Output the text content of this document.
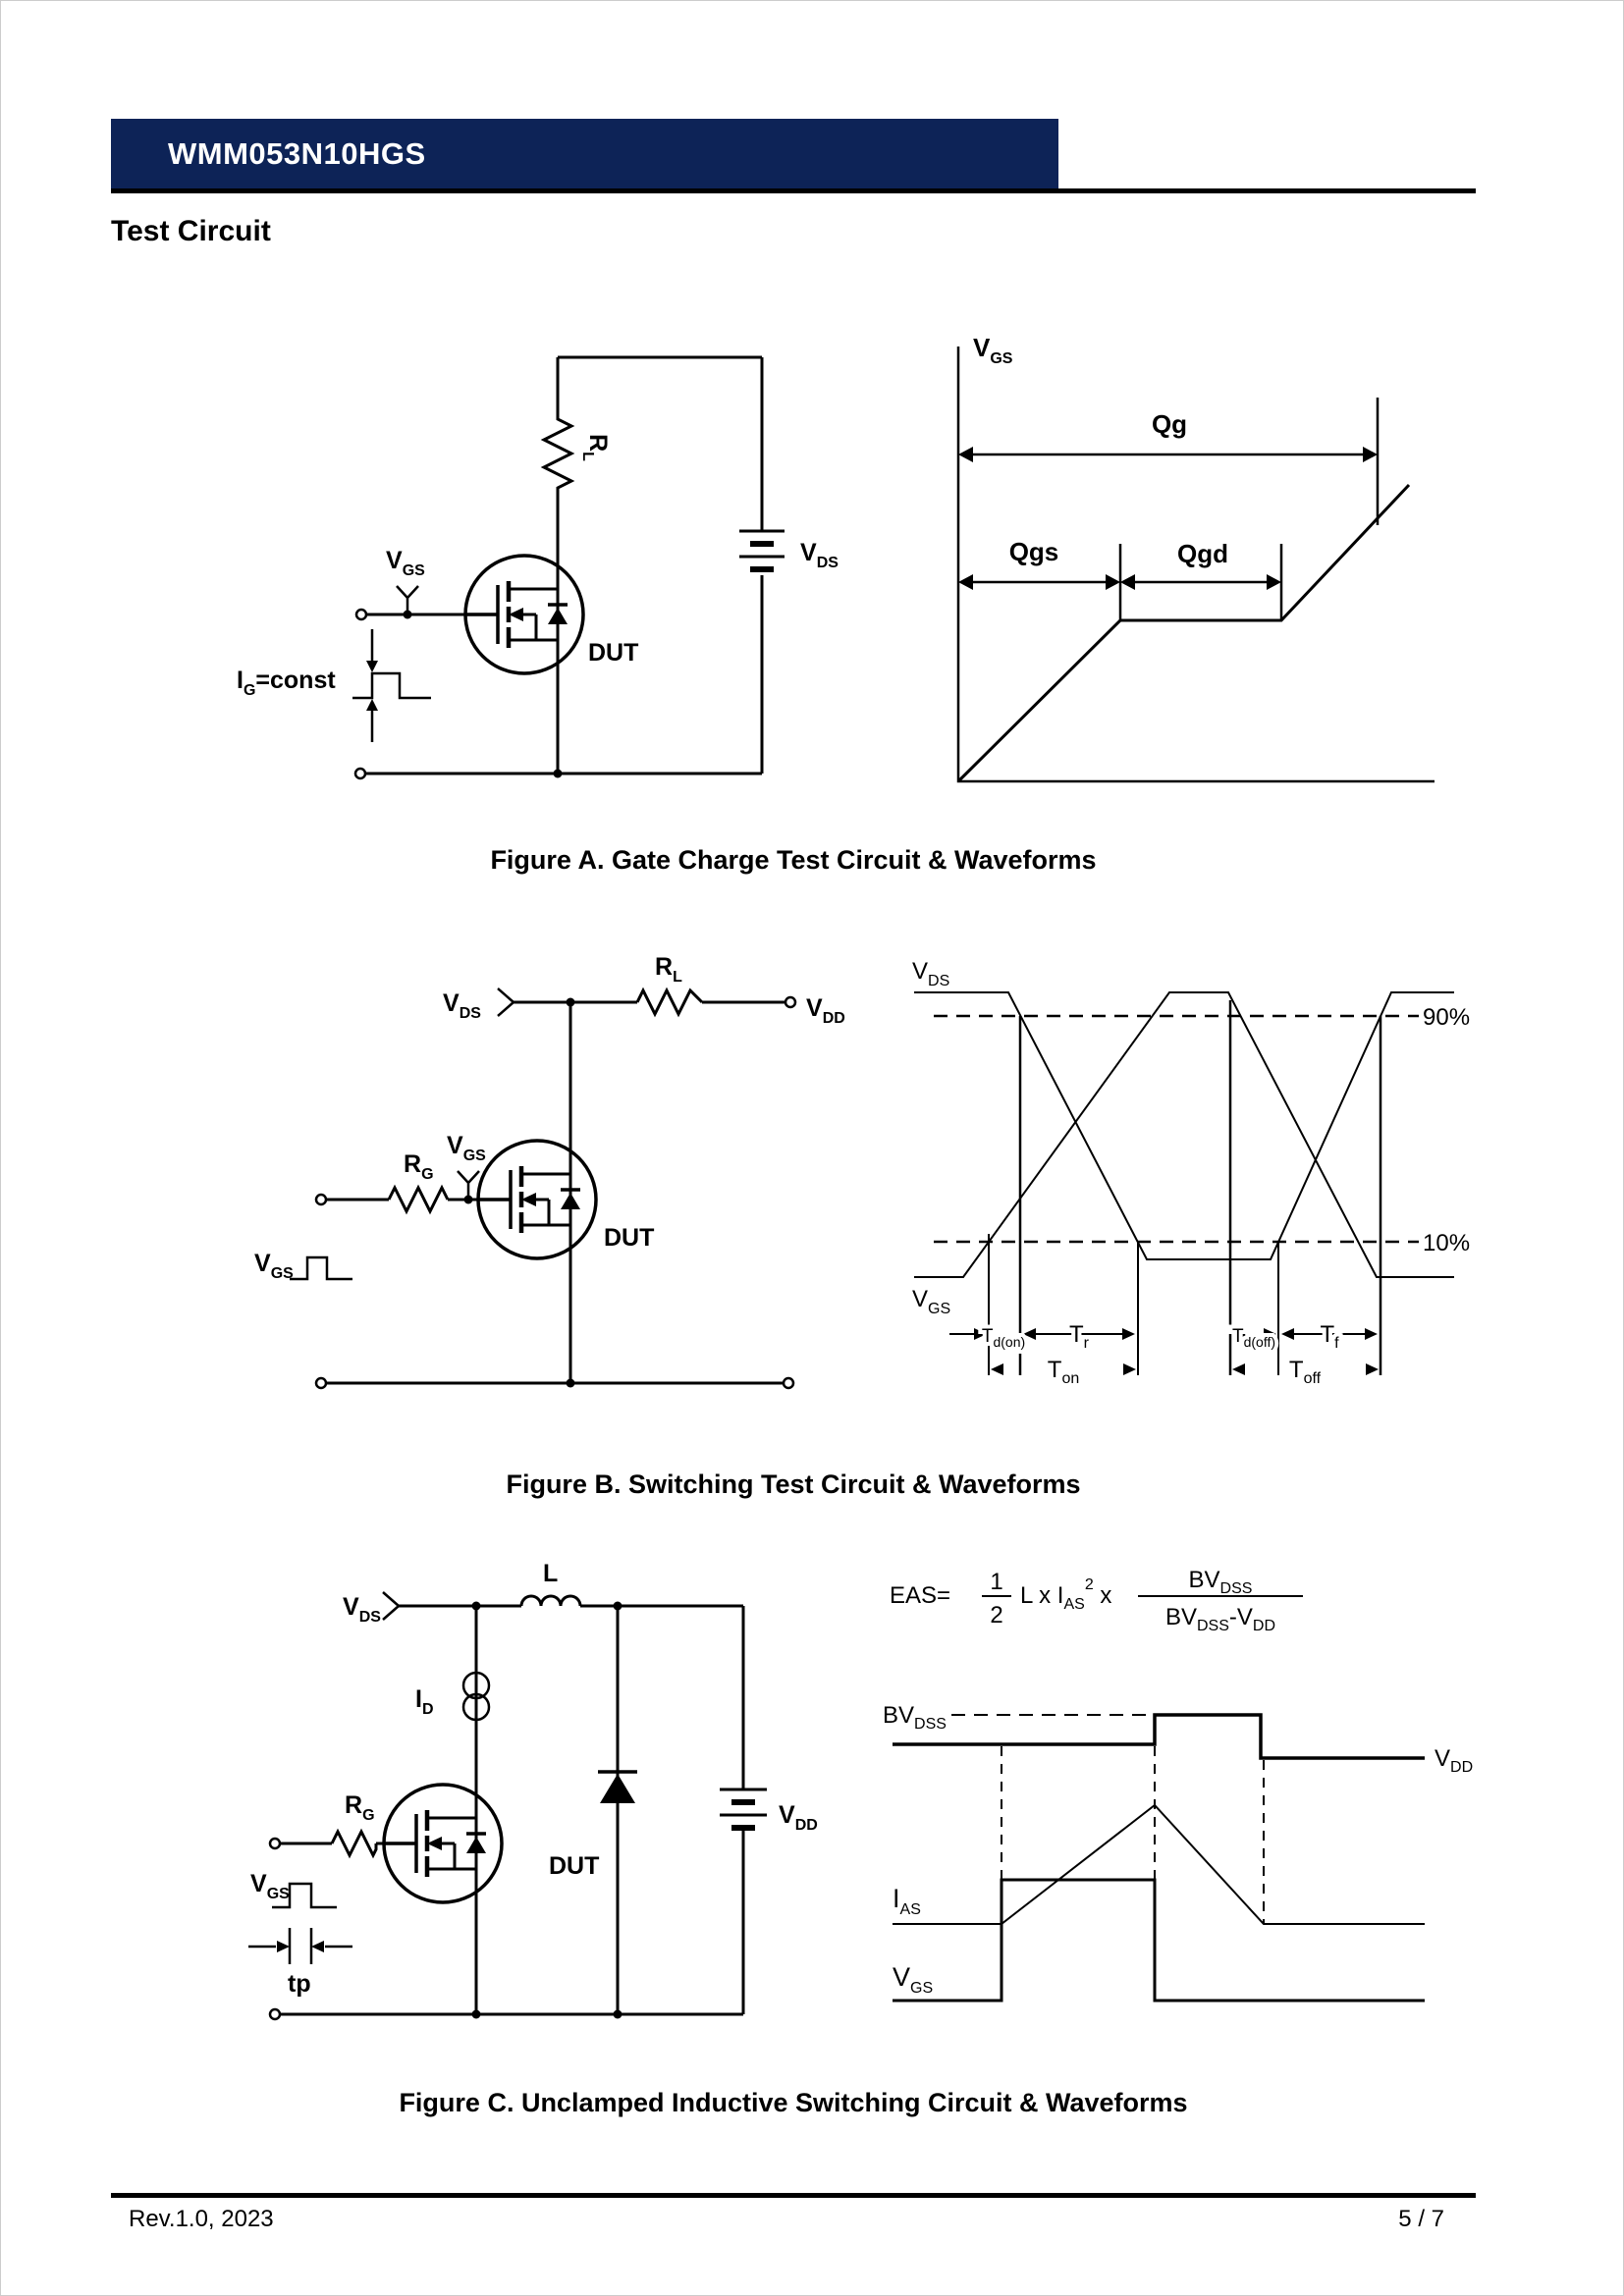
WMM053N10HGS
Test Circuit
$R_L$
$V_{DS}$
DUT
$V_{GS}$
$I_G=const$
$V_{GS}$
Qg
Qgs	Qgd
Figure A. Gate Charge Test Circuit & Waveforms
$V_{DS}$
$R_L$
$V_{DD}$
$R_G$
$V_{GS}$
DUT
$V_{GS}$
$V_{DS}$
$V_{GS}$
90%
10%
$T_{d(on)}$ $T_r$	$T_{d(off)}$ $T_f$
$T_{on}$	$T_{off}$
Figure B. Switching Test Circuit & Waveforms
$V_{DS}$
L
$I_D$
$R_G$
DUT
$V_{DD}$
$V_{GS}$
tp
EAS=
1
2
L x $I_{AS}^2$ x
$BV_{DSS}$
$BV_{DSS}-V_{DD}$
$BV_{DSS}$
$V_{DD}$
$I_{AS}$
$V_{GS}$
Figure C. Unclamped Inductive Switching Circuit & Waveforms
Rev.1.0, 2023	5 / 7
